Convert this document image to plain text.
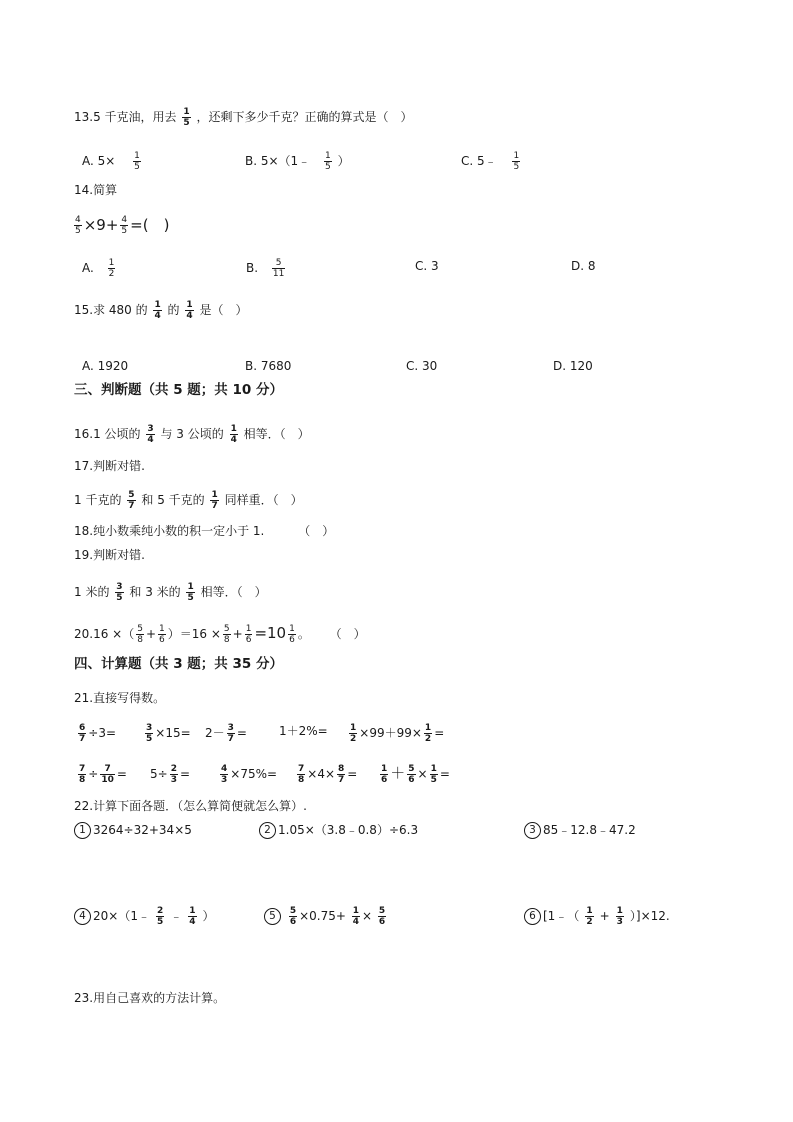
13.5 千克油，用去 $\frac{1}{5}$ ，还剩下多少千克？正确的算式是（　）
A. $5\times \frac{1}{5}$	B. 5×（1﹣ $\frac{1}{5}$ ）	C. 5﹣ $\frac{1}{5}$
14.简算
$\frac{4}{5} \times 9+ \frac{4}{5}$ =(　)
A. $\frac{1}{2}$	B. $\frac{5}{11}$	C. 3	D. 8
15.求 480 的 $\frac{1}{4}$ 的 $\frac{1}{4}$ 是（　）
A. 1920	B. 7680	C. 30	D. 120
三、判断题（共 5 题；共 10 分）
16.1 公顷的 $\frac{3}{4}$ 与 3 公顷的 $\frac{1}{4}$ 相等．（　）
17.判断对错.
1 千克的 $\frac{5}{7}$ 和 5 千克的 $\frac{1}{7}$ 同样重．（　）
18.纯小数乘纯小数的积一定小于 1.	（　）
19.判断对错.
1 米的 $\frac{3}{5}$ 和 3 米的 $\frac{1}{5}$ 相等．（　）
20.16 ×（ $\frac{5}{8} + \frac{1}{6} )=16 \times \frac{5}{8} + \frac{1}{6} =10 \frac{1}{6}$ 。 （　）
四、计算题（共 3 题；共 35 分）
21.直接写得数。
$\frac{6}{7} \div 3=$	$\frac{3}{5} \times 15= 2- \frac{3}{7}$ =	$1+2\%= \frac{1}{2} \times 99+99\times \frac{1}{2}$ =
$\frac{7}{8} \div \frac{7}{10} = 5\div \frac{2}{3}$ =	$\frac{4}{3} \times 75\%= \frac{7}{8} \times 4\times \frac{8}{7}$ =	$\frac{1}{6} + \frac{5}{6} \times \frac{1}{5}$ =
22.计算下面各题．（怎么算简便就怎么算）.
1 3264÷32+34×5	2 1.05×（3.8﹣0.8）÷6.3	3 85﹣12.8﹣47.2
4 20×（1﹣ $\frac{2}{5}$ ﹣ $\frac{1}{4}$ ）	$5 \frac{5}{6} \times 0.75+ \frac{1}{4} \times \frac{5}{6}$	6 [1﹣（ $\frac{1}{2} + \frac{1}{3} )]\times 12$.
23.用自己喜欢的方法计算。
